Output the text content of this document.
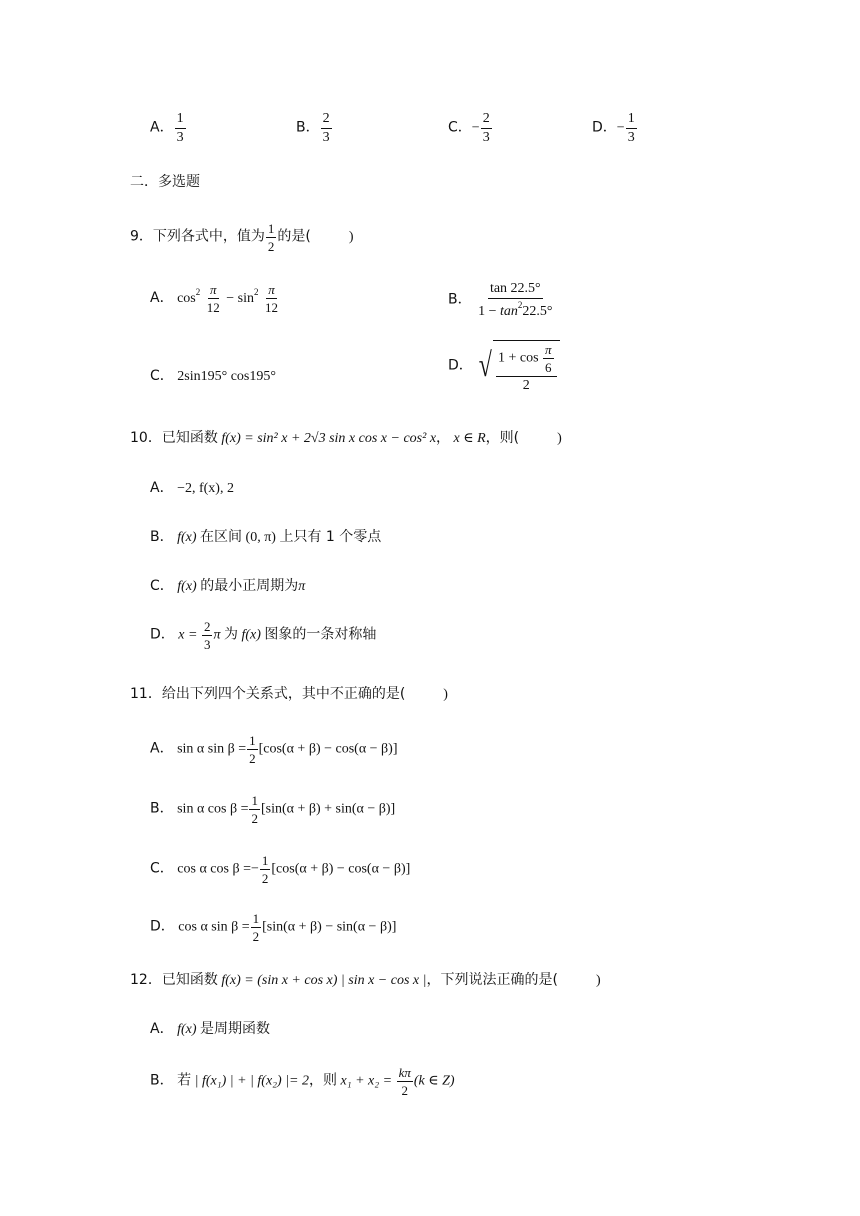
A． $\frac{1}{3}$	B． $\frac{2}{3}$	C．− $\frac{2}{3}$	D．− $\frac{1}{3}$
二．多选题
9．下列各式中，值为 $\frac{1}{2}$ 的是(	)
A． $\cos^2 \frac{\pi}{12} - \sin^2 \frac{\pi}{12}$	B． $\frac{\tan 22.5^\circ}{1 - \tan^222.5^\circ}$
C． 2sin195° cos195°
D． √ $\frac{1 + \cos \frac{\pi}{6}}{2}$
10．已知函数 f(x) = sin² x + 2√3 sin x cos x − cos² x， x ∈ R，则(	)
A． −2, f(x), 2
B． f(x) 在区间 (0, π) 上只有 1 个零点
C． f(x) 的最小正周期为π
D． $x = \frac{2}{3}$ π 为 f(x) 图象的一条对称轴
11．给出下列四个关系式，其中不正确的是(	)
A． sin α $\sin \beta = \frac{1}{2} [\cos(\alpha + \beta) - \cos(\alpha - \beta)]$
B． sin α $\cos \beta = \frac{1}{2} [\sin(\alpha + \beta) + \sin(\alpha - \beta)]$
C． cos α $\cos \beta =- \frac{1}{2} [\cos(\alpha + \beta) - \cos(\alpha - \beta)]$
D． cos α $\sin \beta = \frac{1}{2} [\sin(\alpha + \beta) - \sin(\alpha - \beta)]$
12．已知函数 f(x) = (sin x + cos x) | sin x − cos x |，下列说法正确的是(	)
A． f(x) 是周期函数
B． 若 | f(x₁) | + | f(x₂) |= 2，则 $x_1 + x_2 = \frac{k\pi}{2} (k$ ∈ Z)
